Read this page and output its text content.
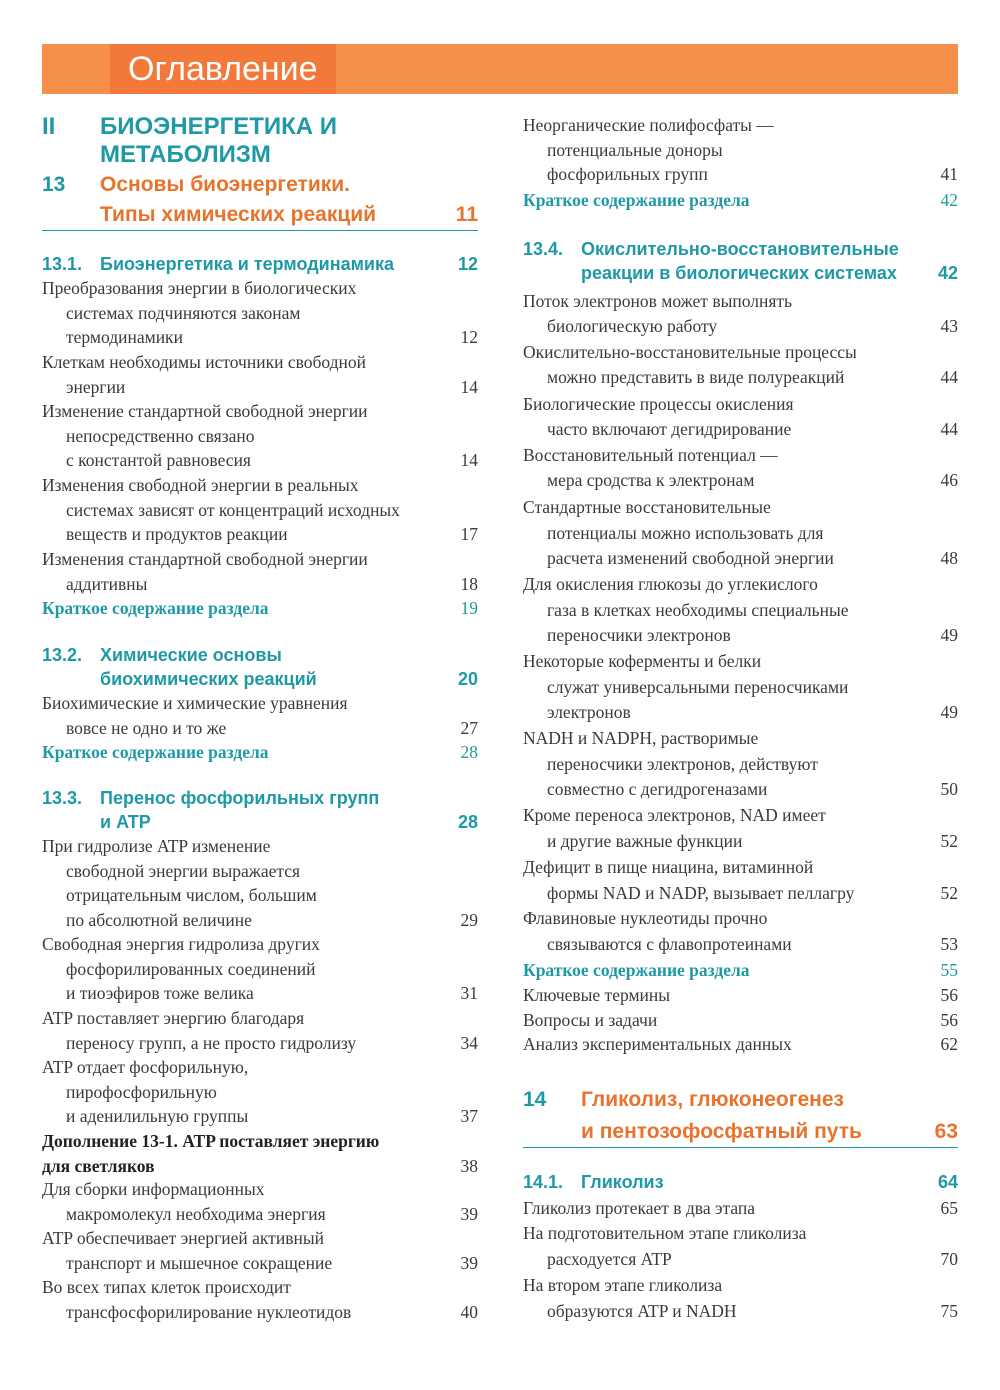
Оглавление
II БИОЭНЕРГЕТИКА И МЕТАБОЛИЗМ
13 Основы биоэнергетики.
Типы химических реакций	11
13.1. Биоэнергетика и термодинамика	12
Преобразования энергии в биологических
системах подчиняются законам
термодинамики	12
Клеткам необходимы источники свободной
энергии	14
Изменение стандартной свободной энергии
непосредственно связано
с константой равновесия	14
Изменения свободной энергии в реальных
системах зависят от концентраций исходных
веществ и продуктов реакции	17
Изменения стандартной свободной энергии
аддитивны	18
Краткое содержание раздела	19
13.2. Химические основы
биохимических реакций	20
Биохимические и химические уравнения
вовсе не одно и то же	27
Краткое содержание раздела	28
13.3. Перенос фосфорильных групп
и ATP	28
При гидролизе ATP изменение
свободной энергии выражается
отрицательным числом, большим
по абсолютной величине	29
Свободная энергия гидролиза других
фосфорилированных соединений
и тиоэфиров тоже велика	31
ATP поставляет энергию благодаря
переносу групп, а не просто гидролизу	34
ATP отдает фосфорильную,
пирофосфорильную
и аденилильную группы	37
Дополнение 13-1. ATP поставляет энергию
для светляков	38
Для сборки информационных
макромолекул необходима энергия	39
ATP обеспечивает энергией активный
транспорт и мышечное сокращение	39
Во всех типах клеток происходит
трансфосфорилирование нуклеотидов	40
Неорганические полифосфаты —
потенциальные доноры
фосфорильных групп	41
Краткое содержание раздела	42
13.4. Окислительно-восстановительные
реакции в биологических системах 42
Поток электронов может выполнять
биологическую работу	43
Окислительно-восстановительные процессы
можно представить в виде полуреакций	44
Биологические процессы окисления
часто включают дегидрирование	44
Восстановительный потенциал —
мера сродства к электронам	46
Стандартные восстановительные
потенциалы можно использовать для
расчета изменений свободной энергии	48
Для окисления глюкозы до углекислого
газа в клетках необходимы специальные
переносчики электронов	49
Некоторые коферменты и белки
служат универсальными переносчиками
электронов	49
NADH и NADPH, растворимые
переносчики электронов, действуют
совместно с дегидрогеназами	50
Кроме переноса электронов, NAD имеет
и другие важные функции	52
Дефицит в пище ниацина, витаминной
формы NAD и NADP, вызывает пеллагру	52
Флавиновые нуклеотиды прочно
связываются с флавопротеинами	53
Краткое содержание раздела	55
Ключевые термины	56
Вопросы и задачи	56
Анализ экспериментальных данных	62
14 Гликолиз, глюконеогенез
и пентозофосфатный путь	63
14.1. Гликолиз	64
Гликолиз протекает в два этапа	65
На подготовительном этапе гликолиза
расходуется ATP	70
На втором этапе гликолиза
образуются ATP и NADH	75
